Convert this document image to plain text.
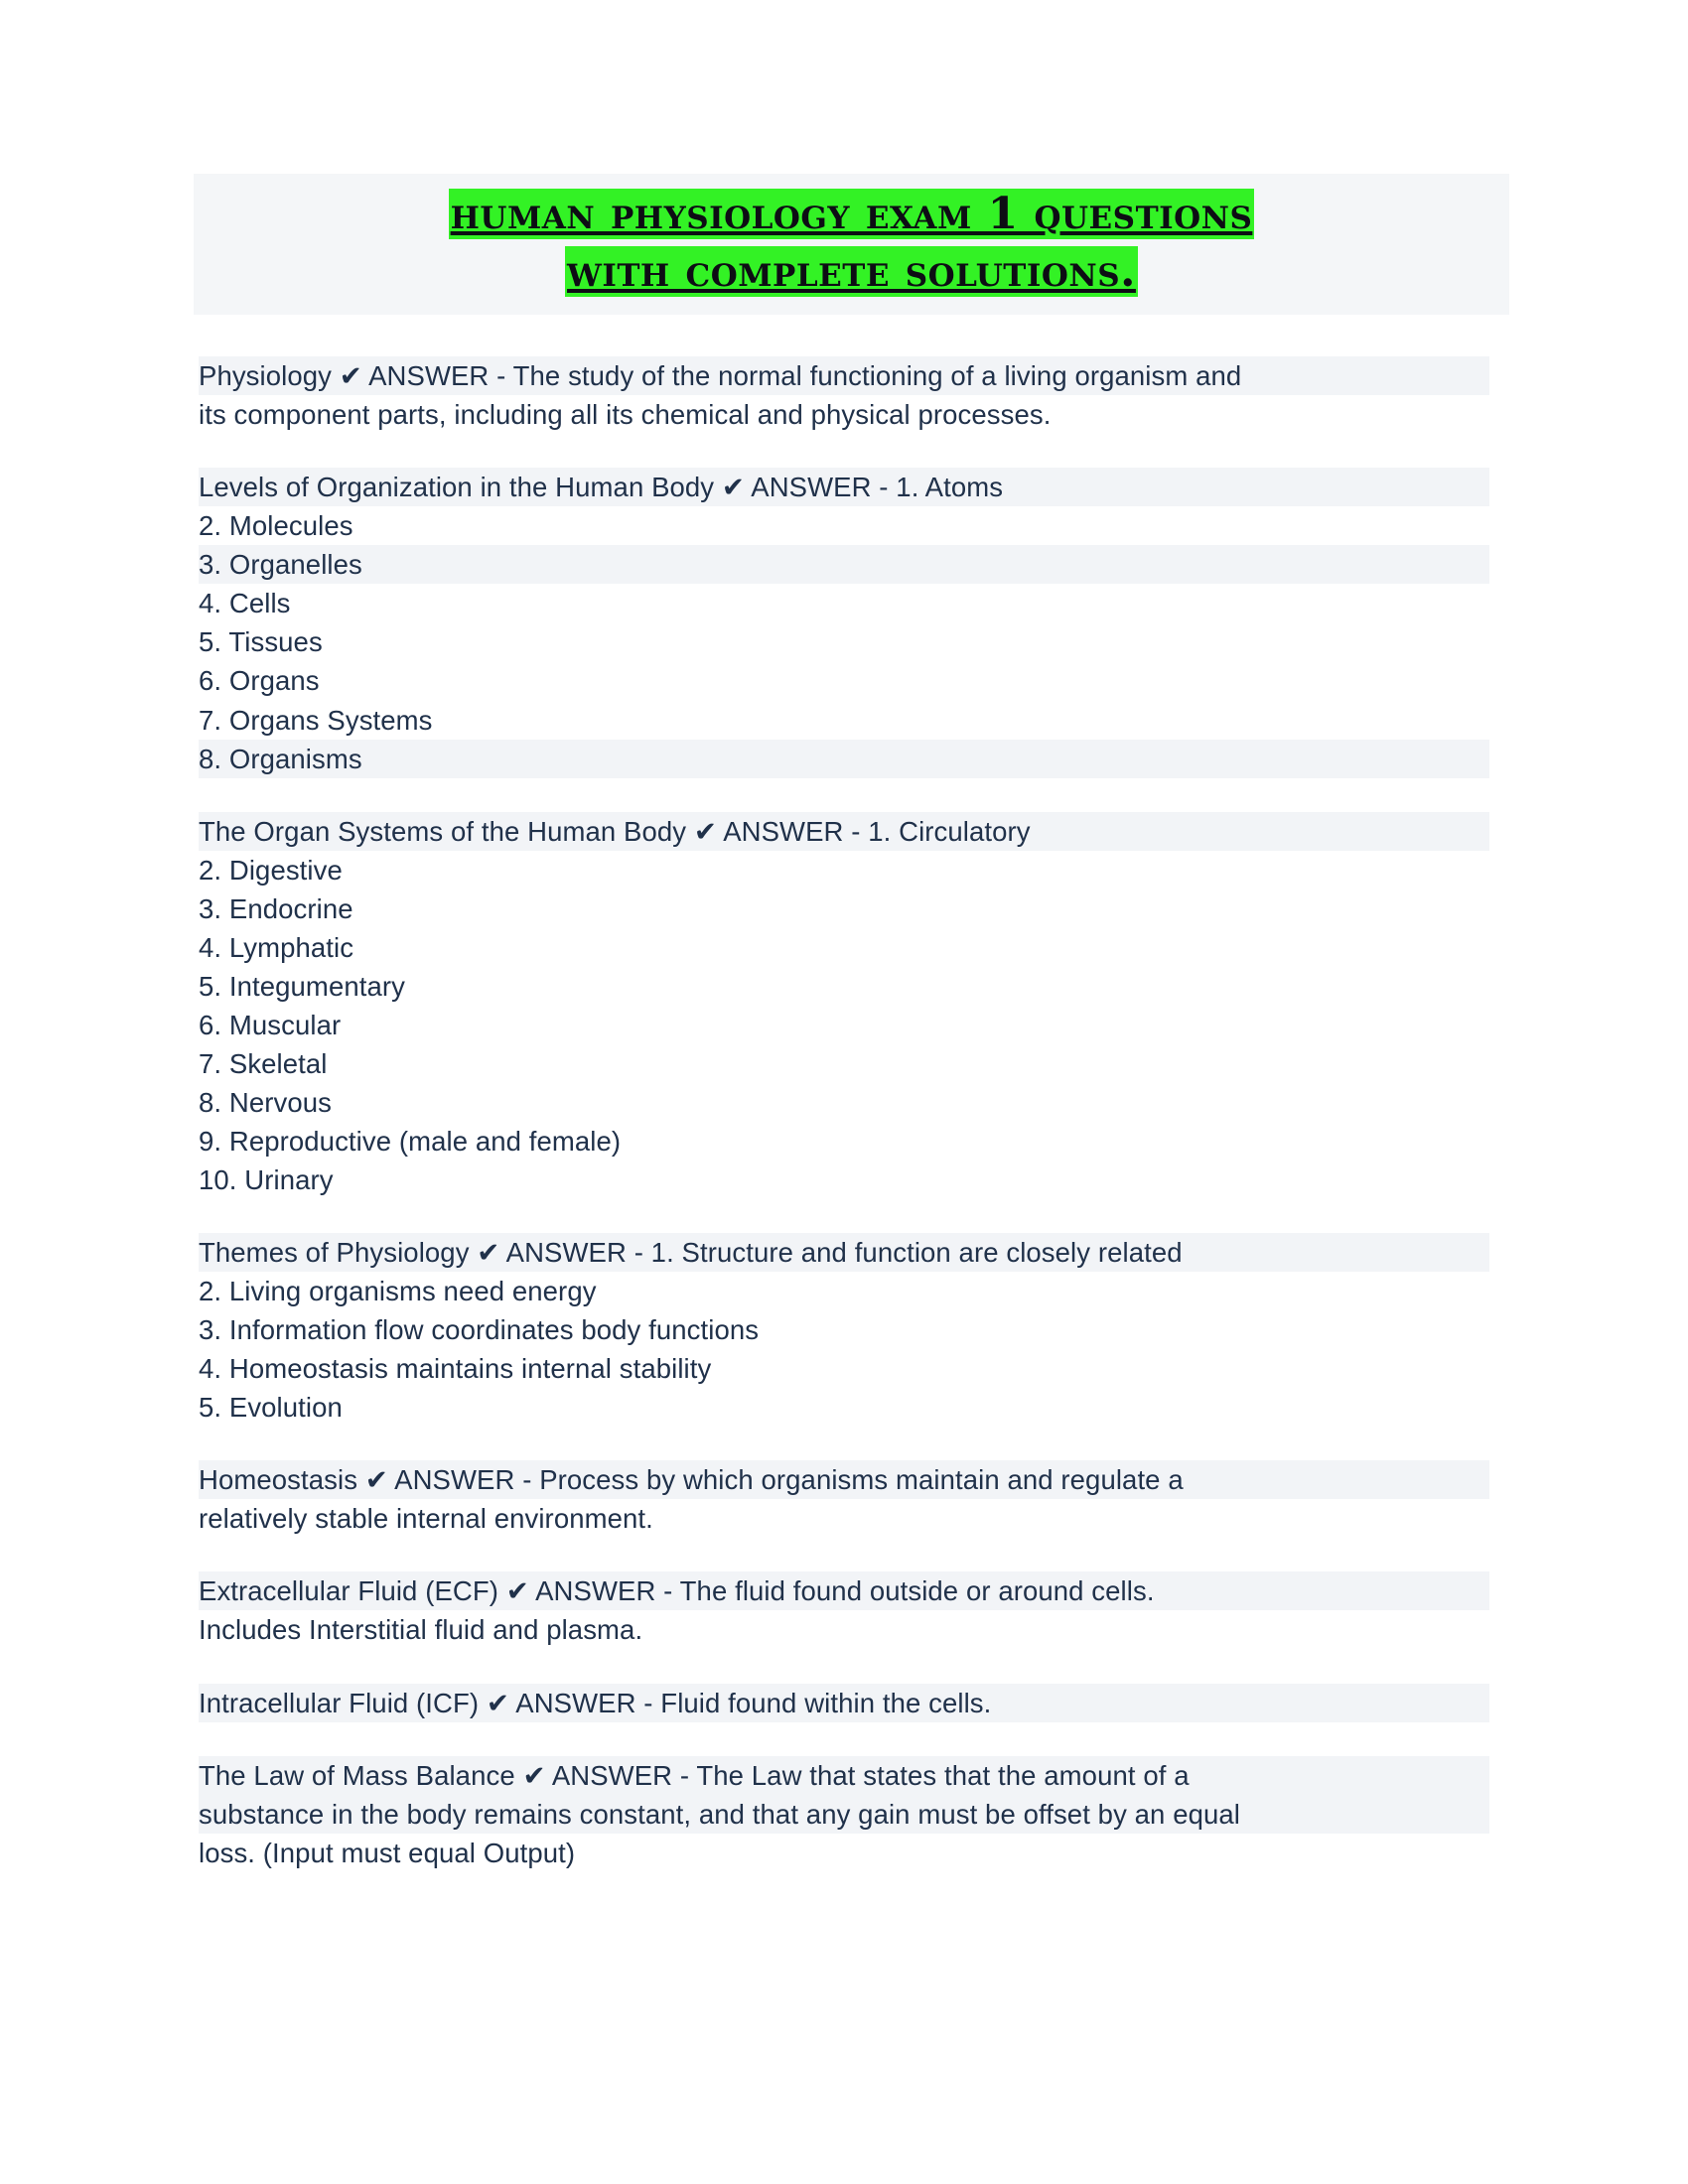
human physiology exam 1 questions
with complete solutions.
Physiology ✔ ANSWER - The study of the normal functioning of a living organism and
its component parts, including all its chemical and physical processes.
Levels of Organization in the Human Body ✔ ANSWER - 1. Atoms
2. Molecules
3. Organelles
4. Cells
5. Tissues
6. Organs
7. Organs Systems
8. Organisms
The Organ Systems of the Human Body ✔ ANSWER - 1. Circulatory
2. Digestive
3. Endocrine
4. Lymphatic
5. Integumentary
6. Muscular
7. Skeletal
8. Nervous
9. Reproductive (male and female)
10. Urinary
Themes of Physiology ✔ ANSWER - 1. Structure and function are closely related
2. Living organisms need energy
3. Information flow coordinates body functions
4. Homeostasis maintains internal stability
5. Evolution
Homeostasis ✔ ANSWER - Process by which organisms maintain and regulate a
relatively stable internal environment.
Extracellular Fluid (ECF) ✔ ANSWER - The fluid found outside or around cells.
Includes Interstitial fluid and plasma.
Intracellular Fluid (ICF) ✔ ANSWER - Fluid found within the cells.
The Law of Mass Balance ✔ ANSWER - The Law that states that the amount of a
substance in the body remains constant, and that any gain must be offset by an equal
loss. (Input must equal Output)
